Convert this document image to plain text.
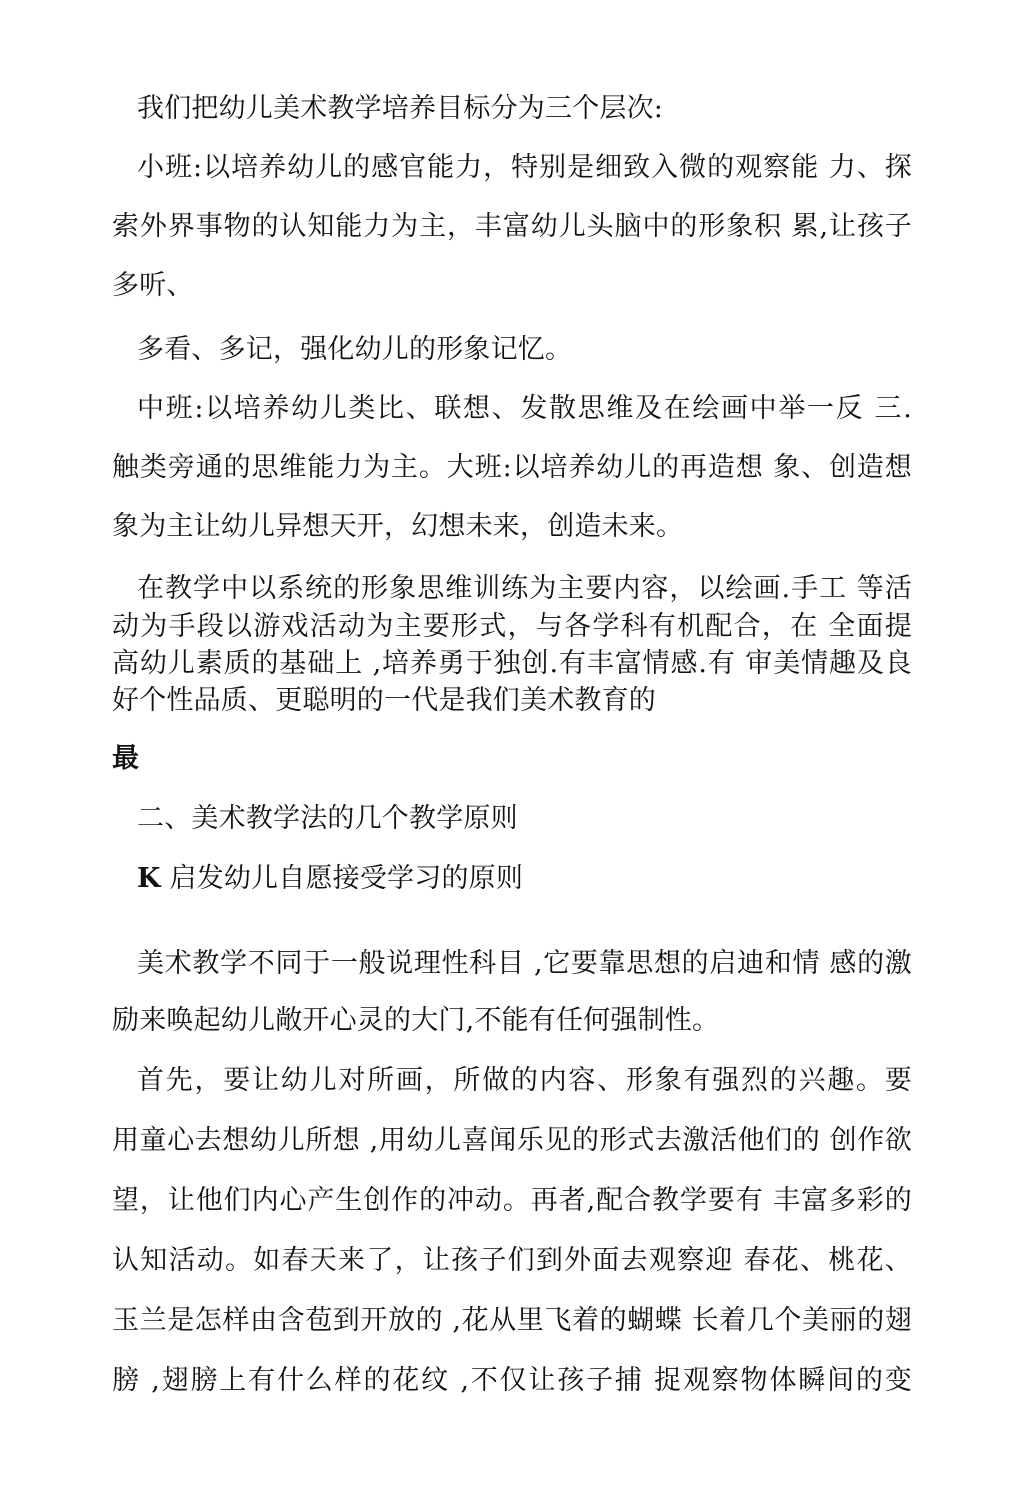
我们把幼儿美术教学培养目标分为三个层次:

小班:以培养幼儿的感官能力，特别是细致入微的观察能 力、探

索外界事物的认知能力为主，丰富幼儿头脑中的形象积 累,让孩子

多听、

多看、多记，强化幼儿的形象记忆。

中班:以培养幼儿类比、联想、发散思维及在绘画中举一反 三.

触类旁通的思维能力为主。大班:以培养幼儿的再造想 象、创造想

象为主让幼儿异想天开，幻想未来，创造未来。

在教学中以系统的形象思维训练为主要内容，以绘画.手工 等活

动为手段以游戏活动为主要形式，与各学科有机配合，在 全面提

高幼儿素质的基础上 ,培养勇于独创.有丰富情感.有 审美情趣及良

好个性品质、更聪明的一代是我们美术教育的

最

二、美术教学法的几个教学原则

K 启发幼儿自愿接受学习的原则

美术教学不同于一般说理性科目 ,它要靠思想的启迪和情 感的激

励来唤起幼儿敞开心灵的大门,不能有任何强制性。

首先，要让幼儿对所画，所做的内容、形象有强烈的兴趣。要

用童心去想幼儿所想 ,用幼儿喜闻乐见的形式去激活他们的 创作欲

望，让他们内心产生创作的冲动。再者,配合教学要有 丰富多彩的

认知活动。如春天来了，让孩子们到外面去观察迎 春花、桃花、

玉兰是怎样由含苞到开放的 ,花从里飞着的蝴蝶 长着几个美丽的翅

膀 ,翅膀上有什么样的花纹 ,不仅让孩子捕 捉观察物体瞬间的变
